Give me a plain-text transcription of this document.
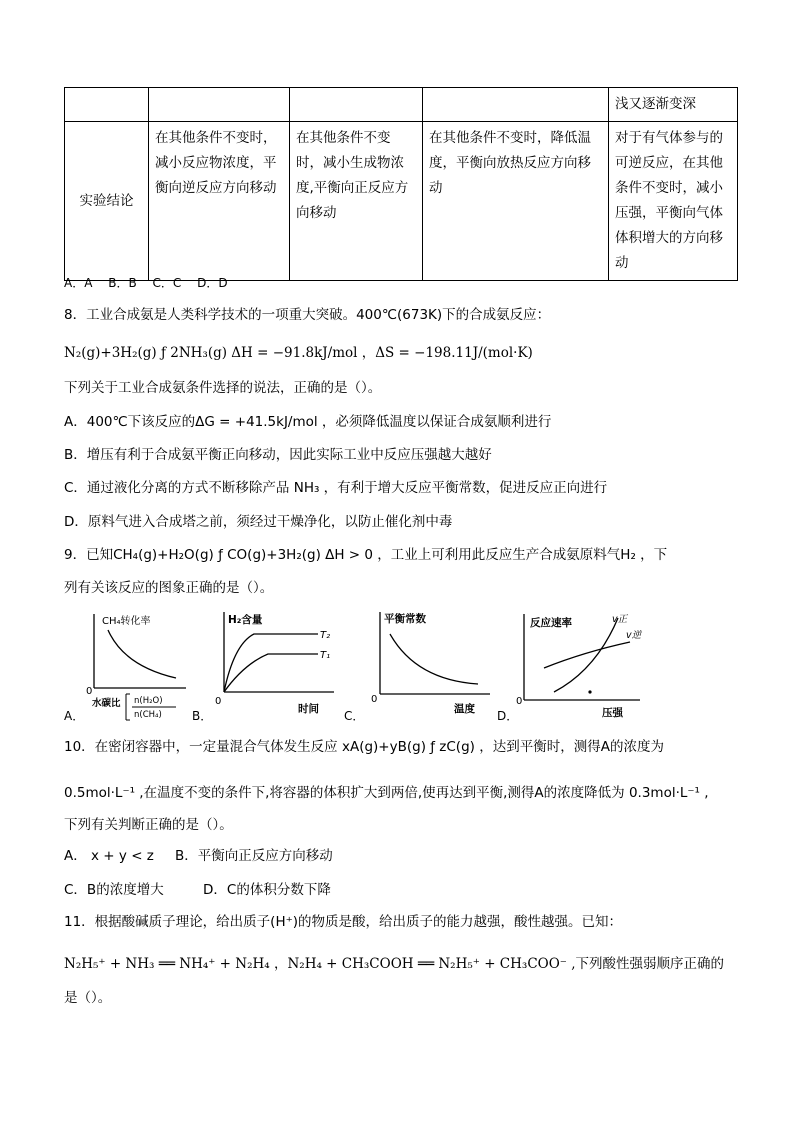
				浅又逐渐变深
实验结论	在其他条件不变时，减小反应物浓度，平衡向逆反应方向移动	在其他条件不变时，减小生成物浓度,平衡向正反应方向移动	在其他条件不变时，降低温度，平衡向放热反应方向移动	对于有气体参与的可逆反应，在其他条件不变时，减小压强，平衡向气体体积增大的方向移动
A．A　 B．B　 C．C　 D．D
8．工业合成氨是人类科学技术的一项重大突破。400℃(673K)下的合成氨反应：
N₂(g)+3H₂(g) ƒ 2NH₃(g) ΔH = −91.8kJ/mol ，ΔS = −198.11J/(mol·K)
下列关于工业合成氨条件选择的说法，正确的是（）。
A．400℃下该反应的ΔG = +41.5kJ/mol ，必须降低温度以保证合成氨顺利进行
B．增压有利于合成氨平衡正向移动，因此实际工业中反应压强越大越好
C．通过液化分离的方式不断移除产品 NH₃ ，有利于增大反应平衡常数，促进反应正向进行
D．原料气进入合成塔之前，须经过干燥净化，以防止催化剂中毒
9．已知CH₄(g)+H₂O(g) ƒ CO(g)+3H₂(g) ΔH > 0 ，工业上可利用此反应生产合成氨原料气H₂ ，下
列有关该反应的图象正确的是（）。
CH₄转化率
0
水碳比 n(H₂O)
n(CH₄)
A．
H₂含量
T₂
T₁
0
时间
B．
平衡常数
0
温度
C．
反应速率	v正
v逆
0
压强
D．
10．在密闭容器中，一定量混合气体发生反应 xA(g)+yB(g) ƒ zC(g) ，达到平衡时，测得A的浓度为
0.5mol·L⁻¹ ,在温度不变的条件下,将容器的体积扩大到两倍,使再达到平衡,测得A的浓度降低为 0.3mol·L⁻¹ ,
下列有关判断正确的是（）。
A． x + y < z B．平衡向正反应方向移动
C．B的浓度增大	D．C的体积分数下降
11．根据酸碱质子理论，给出质子(H⁺)的物质是酸，给出质子的能力越强，酸性越强。已知：
N₂H₅⁺ + NH₃ ══ NH₄⁺ + N₂H₄ ，N₂H₄ + CH₃COOH ══ N₂H₅⁺ + CH₃COO⁻ ,下列酸性强弱顺序正确的
是（）。
